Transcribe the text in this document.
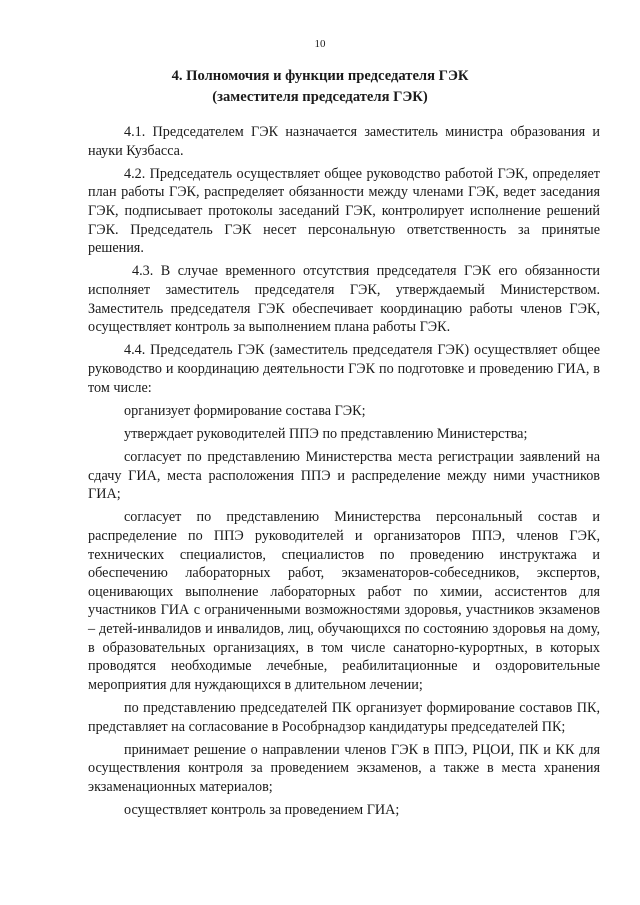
10
4. Полномочия и функции председателя ГЭК
(заместителя председателя ГЭК)

4.1. Председателем ГЭК назначается заместитель министра образования и науки Кузбасса.

4.2. Председатель осуществляет общее руководство работой ГЭК, определяет план работы ГЭК, распределяет обязанности между членами ГЭК, ведет заседания ГЭК, подписывает протоколы заседаний ГЭК, контролирует исполнение решений ГЭК. Председатель ГЭК несет персональную ответственность за принятые решения.

4.3. В случае временного отсутствия председателя ГЭК его обязанности исполняет заместитель председателя ГЭК, утверждаемый Министерством. Заместитель председателя ГЭК обеспечивает координацию работы членов ГЭК, осуществляет контроль за выполнением плана работы ГЭК.

4.4. Председатель ГЭК (заместитель председателя ГЭК) осуществляет общее руководство и координацию деятельности ГЭК по подготовке и проведению ГИА, в том числе:

организует формирование состава ГЭК;

утверждает руководителей ППЭ по представлению Министерства;

согласует по представлению Министерства места регистрации заявлений на сдачу ГИА, места расположения ППЭ и распределение между ними участников ГИА;

согласует по представлению Министерства персональный состав и распределение по ППЭ руководителей и организаторов ППЭ, членов ГЭК, технических специалистов, специалистов по проведению инструктажа и обеспечению лабораторных работ, экзаменаторов-собеседников, экспертов, оценивающих выполнение лабораторных работ по химии, ассистентов для участников ГИА с ограниченными возможностями здоровья, участников экзаменов – детей-инвалидов и инвалидов, лиц, обучающихся по состоянию здоровья на дому, в образовательных организациях, в том числе санаторно-курортных, в которых проводятся необходимые лечебные, реабилитационные и оздоровительные мероприятия для нуждающихся в длительном лечении;

по представлению председателей ПК организует формирование составов ПК, представляет на согласование в Рособрнадзор кандидатуры председателей ПК;

принимает решение о направлении членов ГЭК в ППЭ, РЦОИ, ПК и КК для осуществления контроля за проведением экзаменов, а также в места хранения экзаменационных материалов;

осуществляет контроль за проведением ГИА;
